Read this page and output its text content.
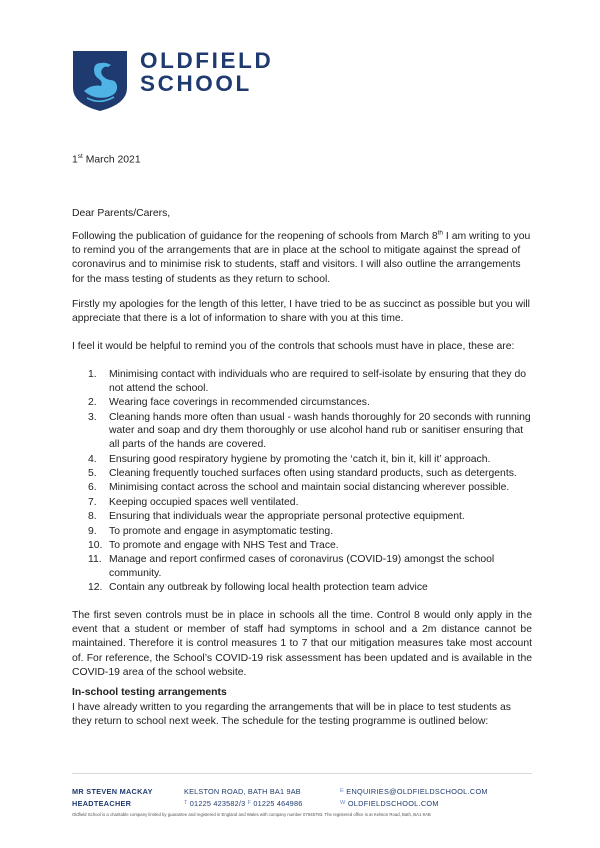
OLDFIELD
SCHOOL
1st March 2021
Dear Parents/Carers,
Following the publication of guidance for the reopening of schools from March 8th I am writing to you to remind you of the arrangements that are in place at the school to mitigate against the spread of coronavirus and to minimise risk to students, staff and visitors. I will also outline the arrangements for the mass testing of students as they return to school.
Firstly my apologies for the length of this letter, I have tried to be as succinct as possible but you will appreciate that there is a lot of information to share with you at this time.
I feel it would be helpful to remind you of the controls that schools must have in place, these are:
1. Minimising contact with individuals who are required to self-isolate by ensuring that they do not attend the school.
2. Wearing face coverings in recommended circumstances.
3. Cleaning hands more often than usual - wash hands thoroughly for 20 seconds with running water and soap and dry them thoroughly or use alcohol hand rub or sanitiser ensuring that all parts of the hands are covered.
4. Ensuring good respiratory hygiene by promoting the ‘catch it, bin it, kill it’ approach.
5. Cleaning frequently touched surfaces often using standard products, such as detergents.
6. Minimising contact across the school and maintain social distancing wherever possible.
7. Keeping occupied spaces well ventilated.
8. Ensuring that individuals wear the appropriate personal protective equipment.
9. To promote and engage in asymptomatic testing.
10. To promote and engage with NHS Test and Trace.
11. Manage and report confirmed cases of coronavirus (COVID-19) amongst the school community.
12. Contain any outbreak by following local health protection team advice
The first seven controls must be in place in schools all the time. Control 8 would only apply in the event that a student or member of staff had symptoms in school and a 2m distance cannot be maintained. Therefore it is control measures 1 to 7 that our mitigation measures take most account of. For reference, the School’s COVID-19 risk assessment has been updated and is available in the COVID-19 area of the school website.
In-school testing arrangements
I have already written to you regarding the arrangements that will be in place to test students as they return to school next week. The schedule for the testing programme is outlined below:
MR STEVEN MACKAY
HEADTEACHER
KELSTON ROAD, BATH BA1 9AB
$^T$ 01225 423582/3 $^F$ 01225 464986
$^E$ ENQUIRIES@OLDFIELDSCHOOL.COM
$^W$ OLDFIELDSCHOOL.COM
Oldfield School is a charitable company limited by guarantee and registered in England and Wales with company number 07945793. The registered office is at Kelston Road, Bath, BA1 9AB
